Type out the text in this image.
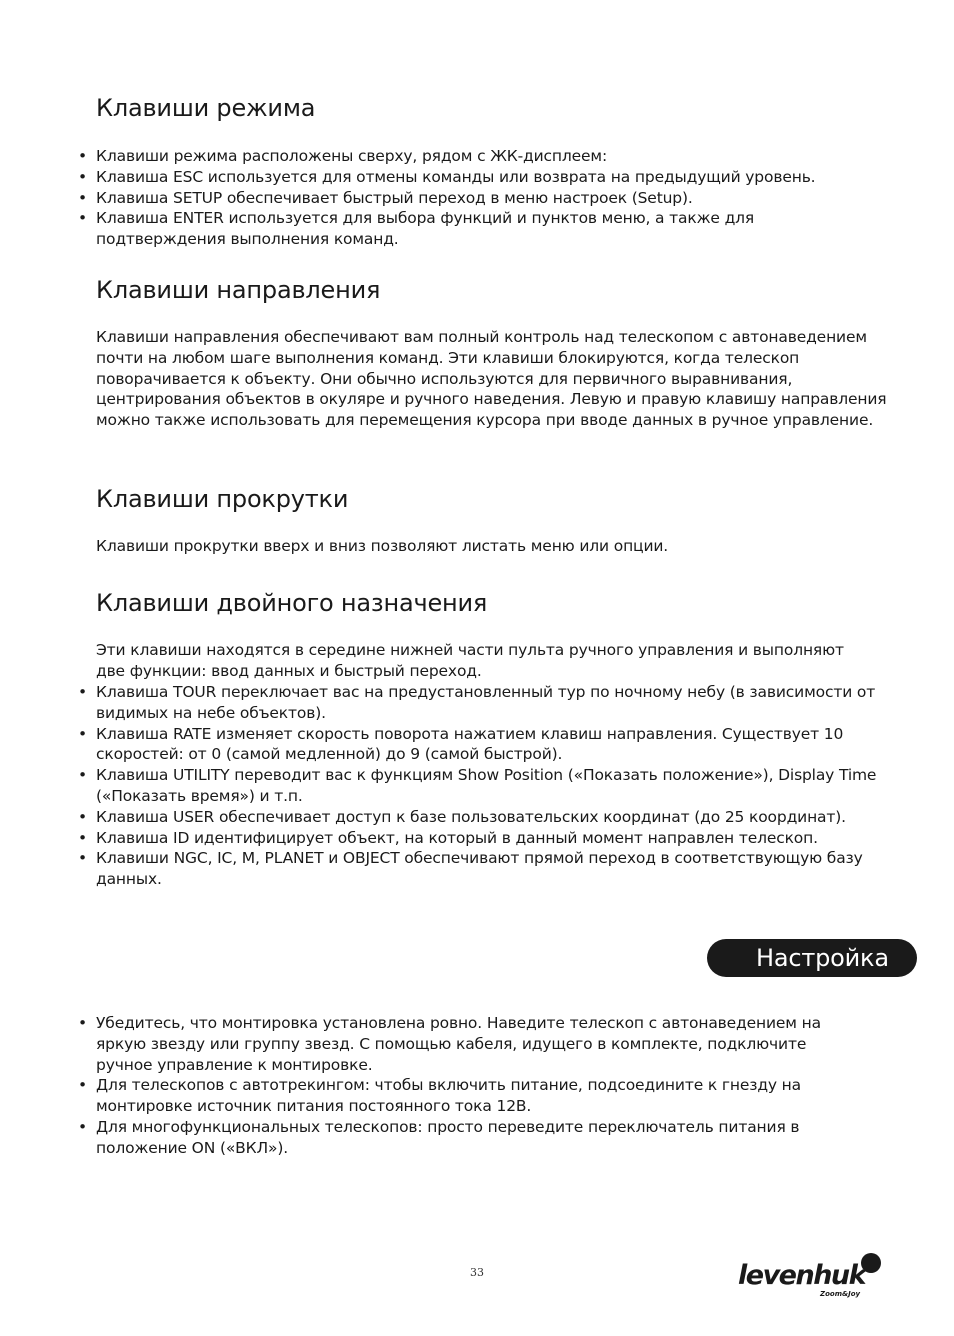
Клавиши режима
• Клавиши режима расположены сверху, рядом с ЖК-дисплеем:
• Клавиша ESC используется для отмены команды или возврата на предыдущий уровень.
• Клавиша SETUP обеспечивает быстрый переход в меню настроек (Setup).
• Клавиша ENTER используется для выбора функций и пунктов меню, а также для подтверждения выполнения команд.
Клавиши направления

Клавиши направления обеспечивают вам полный контроль над телескопом с автонаведением почти на любом шаге выполнения команд. Эти клавиши блокируются, когда телескоп поворачивается к объекту. Они обычно используются для первичного выравнивания, центрирования объектов в окуляре и ручного наведения. Левую и правую клавишу направления можно также использовать для перемещения курсора при вводе данных в ручное управление.

Клавиши прокрутки

Клавиши прокрутки вверх и вниз позволяют листать меню или опции.

Клавиши двойного назначения

Эти клавиши находятся в середине нижней части пульта ручного управления и выполняют две функции: ввод данных и быстрый переход.

• Клавиша TOUR переключает вас на предустановленный тур по ночному небу (в зависимости от видимых на небе объектов).
• Клавиша RATE изменяет скорость поворота нажатием клавиш направления. Существует 10 скоростей: от 0 (самой медленной) до 9 (самой быстрой).
• Клавиша UTILITY переводит вас к функциям Show Position («Показать положение»), Display Time («Показать время») и т.п.
• Клавиша USER обеспечивает доступ к базе пользовательских координат (до 25 координат).
• Клавиша ID идентифицирует объект, на который в данный момент направлен телескоп.
• Клавиши NGC, IC, M, PLANET и OBJECT обеспечивают прямой переход в соответствующую базу данных.
Настройка
• Убедитесь, что монтировка установлена ровно. Наведите телескоп с автонаведением на яркую звезду или группу звезд. С помощью кабеля, идущего в комплекте, подключите ручное управление к монтировке.
• Для телескопов с автотрекингом: чтобы включить питание, подсоедините к гнезду на монтировке источник питания постоянного тока 12В.
• Для многофункциональных телескопов: просто переведите переключатель питания в положение ON («ВКЛ»).
33	levenhuk
Zoom&Joy
